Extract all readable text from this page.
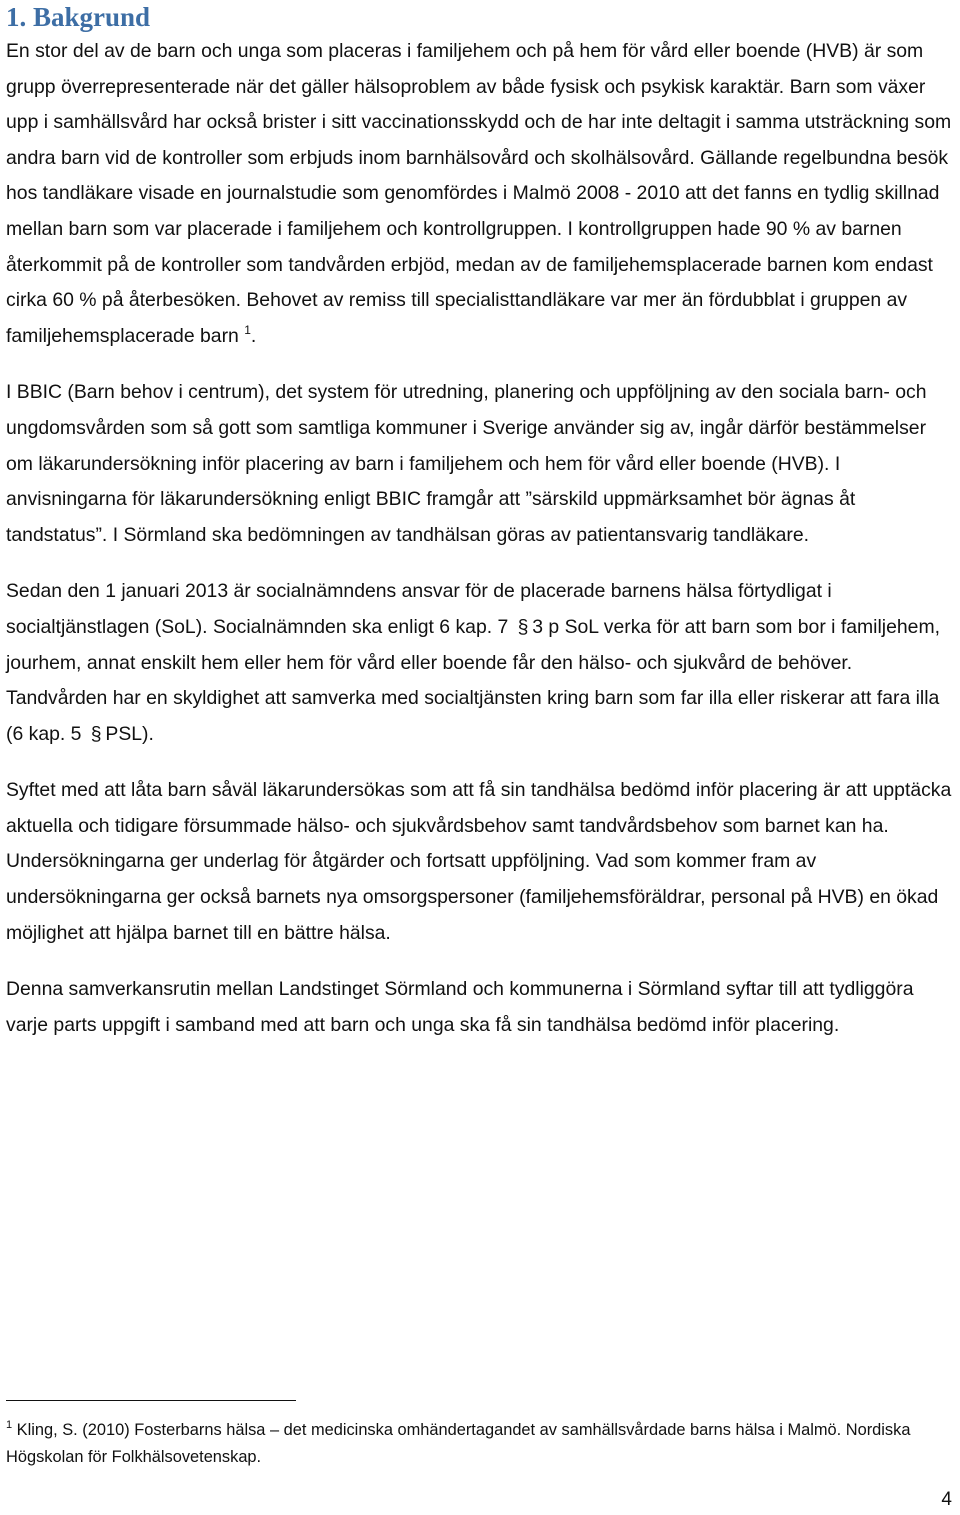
1. Bakgrund

En stor del av de barn och unga som placeras i familjehem och på hem för vård eller boende (HVB) är som grupp överrepresenterade när det gäller hälsoproblem av både fysisk och psykisk karaktär. Barn som växer upp i samhällsvård har också brister i sitt vaccinationsskydd och de har inte deltagit i samma utsträckning som andra barn vid de kontroller som erbjuds inom barnhälsovård och skolhälsovård. Gällande regelbundna besök hos tandläkare visade en journalstudie som genomfördes i Malmö 2008 - 2010 att det fanns en tydlig skillnad mellan barn som var placerade i familjehem och kontrollgruppen. I kontrollgruppen hade 90 % av barnen återkommit på de kontroller som tandvården erbjöd, medan av de familjehemsplacerade barnen kom endast cirka 60 % på återbesöken. Behovet av remiss till specialisttandläkare var mer än fördubblat i gruppen av familjehemsplacerade barn $^1$.

I BBIC (Barn behov i centrum), det system för utredning, planering och uppföljning av den sociala barn- och ungdomsvården som så gott som samtliga kommuner i Sverige använder sig av, ingår därför bestämmelser om läkarundersökning inför placering av barn i familjehem och hem för vård eller boende (HVB). I anvisningarna för läkarundersökning enligt BBIC framgår att ”särskild uppmärksamhet bör ägnas åt tandstatus”. I Sörmland ska bedömningen av tandhälsan göras av patientansvarig tandläkare.

Sedan den 1 januari 2013 är socialnämndens ansvar för de placerade barnens hälsa förtydligat i socialtjänstlagen (SoL). Socialnämnden ska enligt 6 kap. 7 § 3 p SoL verka för att barn som bor i familjehem, jourhem, annat enskilt hem eller hem för vård eller boende får den hälso- och sjukvård de behöver. Tandvården har en skyldighet att samverka med socialtjänsten kring barn som far illa eller riskerar att fara illa (6 kap. 5 § PSL).

Syftet med att låta barn såväl läkarundersökas som att få sin tandhälsa bedömd inför placering är att upptäcka aktuella och tidigare försummade hälso- och sjukvårdsbehov samt tandvårdsbehov som barnet kan ha. Undersökningarna ger underlag för åtgärder och fortsatt uppföljning. Vad som kommer fram av undersökningarna ger också barnets nya omsorgspersoner (familjehemsföräldrar, personal på HVB) en ökad möjlighet att hjälpa barnet till en bättre hälsa.

Denna samverkansrutin mellan Landstinget Sörmland och kommunerna i Sörmland syftar till att tydliggöra varje parts uppgift i samband med att barn och unga ska få sin tandhälsa bedömd inför placering.

$^1$ Kling, S. (2010) Fosterbarns hälsa – det medicinska omhändertagandet av samhällsvårdade barns hälsa i Malmö. Nordiska Högskolan för Folkhälsovetenskap.
4
